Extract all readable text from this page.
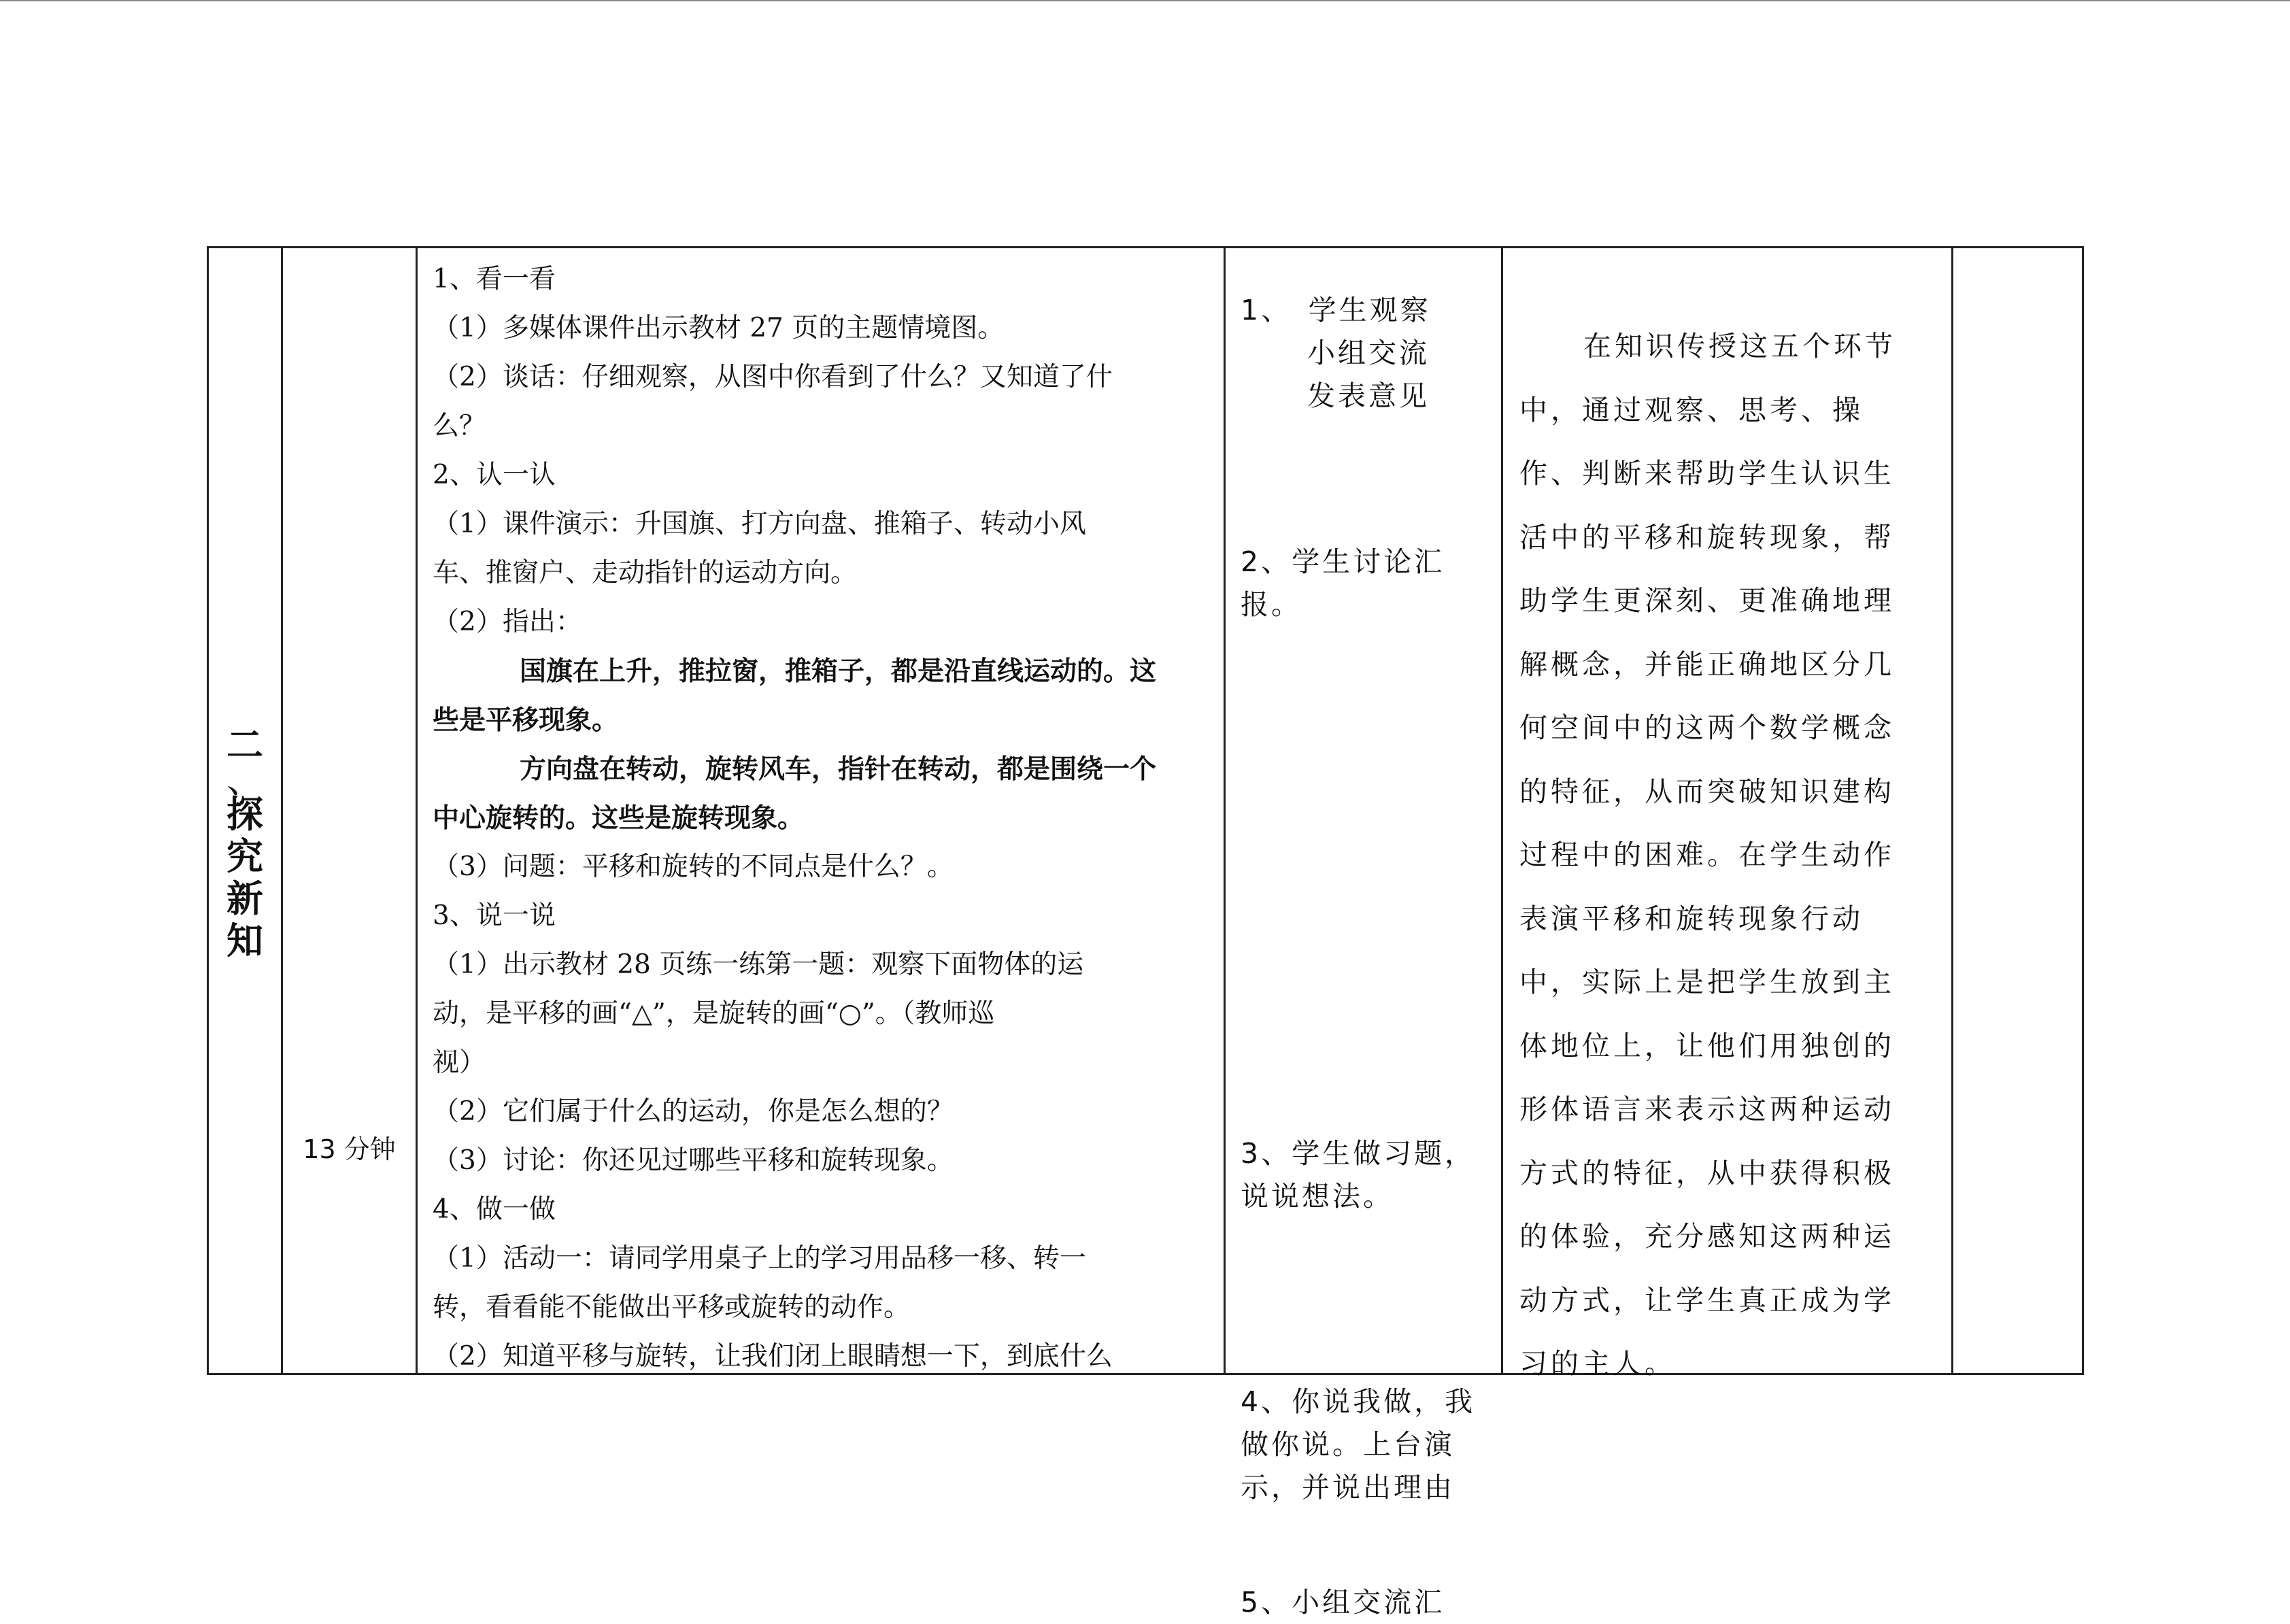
二
、
探
究
新
知
13 分钟
1、看一看
（1）多媒体课件出示教材 27 页的主题情境图。
（2）谈话：仔细观察，从图中你看到了什么？又知道了什
么？
2、认一认
（1）课件演示：升国旗、打方向盘、推箱子、转动小风
车、推窗户、走动指针的运动方向。
（2）指出：
国旗在上升，推拉窗，推箱子，都是沿直线运动的。这
些是平移现象。
方向盘在转动，旋转风车，指针在转动，都是围绕一个
中心旋转的。这些是旋转现象。
（3）问题：平移和旋转的不同点是什么？。
3、说一说
（1）出示教材 28 页练一练第一题：观察下面物体的运
动，是平移的画“△”，是旋转的画“○”。（教师巡
视）
（2）它们属于什么的运动，你是怎么想的？
（3）讨论：你还见过哪些平移和旋转现象。
4、做一做
（1）活动一：请同学用桌子上的学习用品移一移、转一
转，看看能不能做出平移或旋转的动作。
（2）知道平移与旋转，让我们闭上眼睛想一下，到底什么
1、　学生观察
小组交流
发表意见
2、学生讨论汇
报。
3、学生做习题，
说说想法。
4、你说我做，我
做你说。上台演
示，并说出理由
5、小组交流汇
在知识传授这五个环节
中，通过观察、思考、操
作、判断来帮助学生认识生
活中的平移和旋转现象，帮
助学生更深刻、更准确地理
解概念，并能正确地区分几
何空间中的这两个数学概念
的特征，从而突破知识建构
过程中的困难。在学生动作
表演平移和旋转现象行动
中，实际上是把学生放到主
体地位上，让他们用独创的
形体语言来表示这两种运动
方式的特征，从中获得积极
的体验，充分感知这两种运
动方式，让学生真正成为学
习的主人。
